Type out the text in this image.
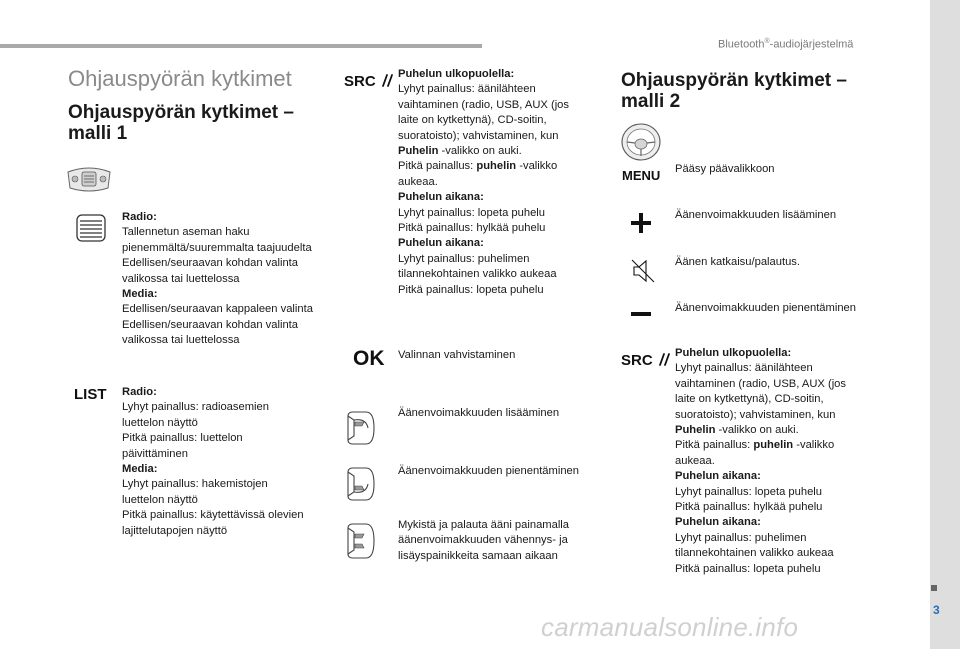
Bluetooth®-audiojärjestelmä
3
Ohjauspyörän kytkimet
Ohjauspyörän kytkimet –
malli 1
Radio:
Tallennetun aseman haku
pienemmältä/suuremmalta taajuudelta
Edellisen/seuraavan kohdan valinta
valikossa tai luettelossa
Media:
Edellisen/seuraavan kappaleen valinta
Edellisen/seuraavan kohdan valinta
valikossa tai luettelossa
LIST Radio:
Lyhyt painallus: radioasemien
luettelon näyttö
Pitkä painallus: luettelon
päivittäminen
Media:
Lyhyt painallus: hakemistojen
luettelon näyttö
Pitkä painallus: käytettävissä olevien
lajittelutapojen näyttö
SRC	Puhelun ulkopuolella:
Lyhyt painallus: äänilähteen
vaihtaminen (radio, USB, AUX (jos
laite on kytkettynä), CD-soitin,
suoratoisto); vahvistaminen, kun
Puhelin -valikko on auki.
Pitkä painallus: puhelin -valikko
aukeaa.
Puhelun aikana:
Lyhyt painallus: lopeta puhelu
Pitkä painallus: hylkää puhelu
Puhelun aikana:
Lyhyt painallus: puhelimen
tilannekohtainen valikko aukeaa
Pitkä painallus: lopeta puhelu
OK Valinnan vahvistaminen
Äänenvoimakkuuden lisääminen
Äänenvoimakkuuden pienentäminen
Mykistä ja palauta ääni painamalla
äänenvoimakkuuden vähennys- ja
lisäyspainikkeita samaan aikaan
Ohjauspyörän kytkimet –
malli 2
MENU Pääsy päävalikkoon
Äänenvoimakkuuden lisääminen
Äänen katkaisu/palautus.
Äänenvoimakkuuden pienentäminen
SRC	Puhelun ulkopuolella:
Lyhyt painallus: äänilähteen
vaihtaminen (radio, USB, AUX (jos
laite on kytkettynä), CD-soitin,
suoratoisto); vahvistaminen, kun
Puhelin -valikko on auki.
Pitkä painallus: puhelin -valikko
aukeaa.
Puhelun aikana:
Lyhyt painallus: lopeta puhelu
Pitkä painallus: hylkää puhelu
Puhelun aikana:
Lyhyt painallus: puhelimen
tilannekohtainen valikko aukeaa
Pitkä painallus: lopeta puhelu
carmanualsonline.info
